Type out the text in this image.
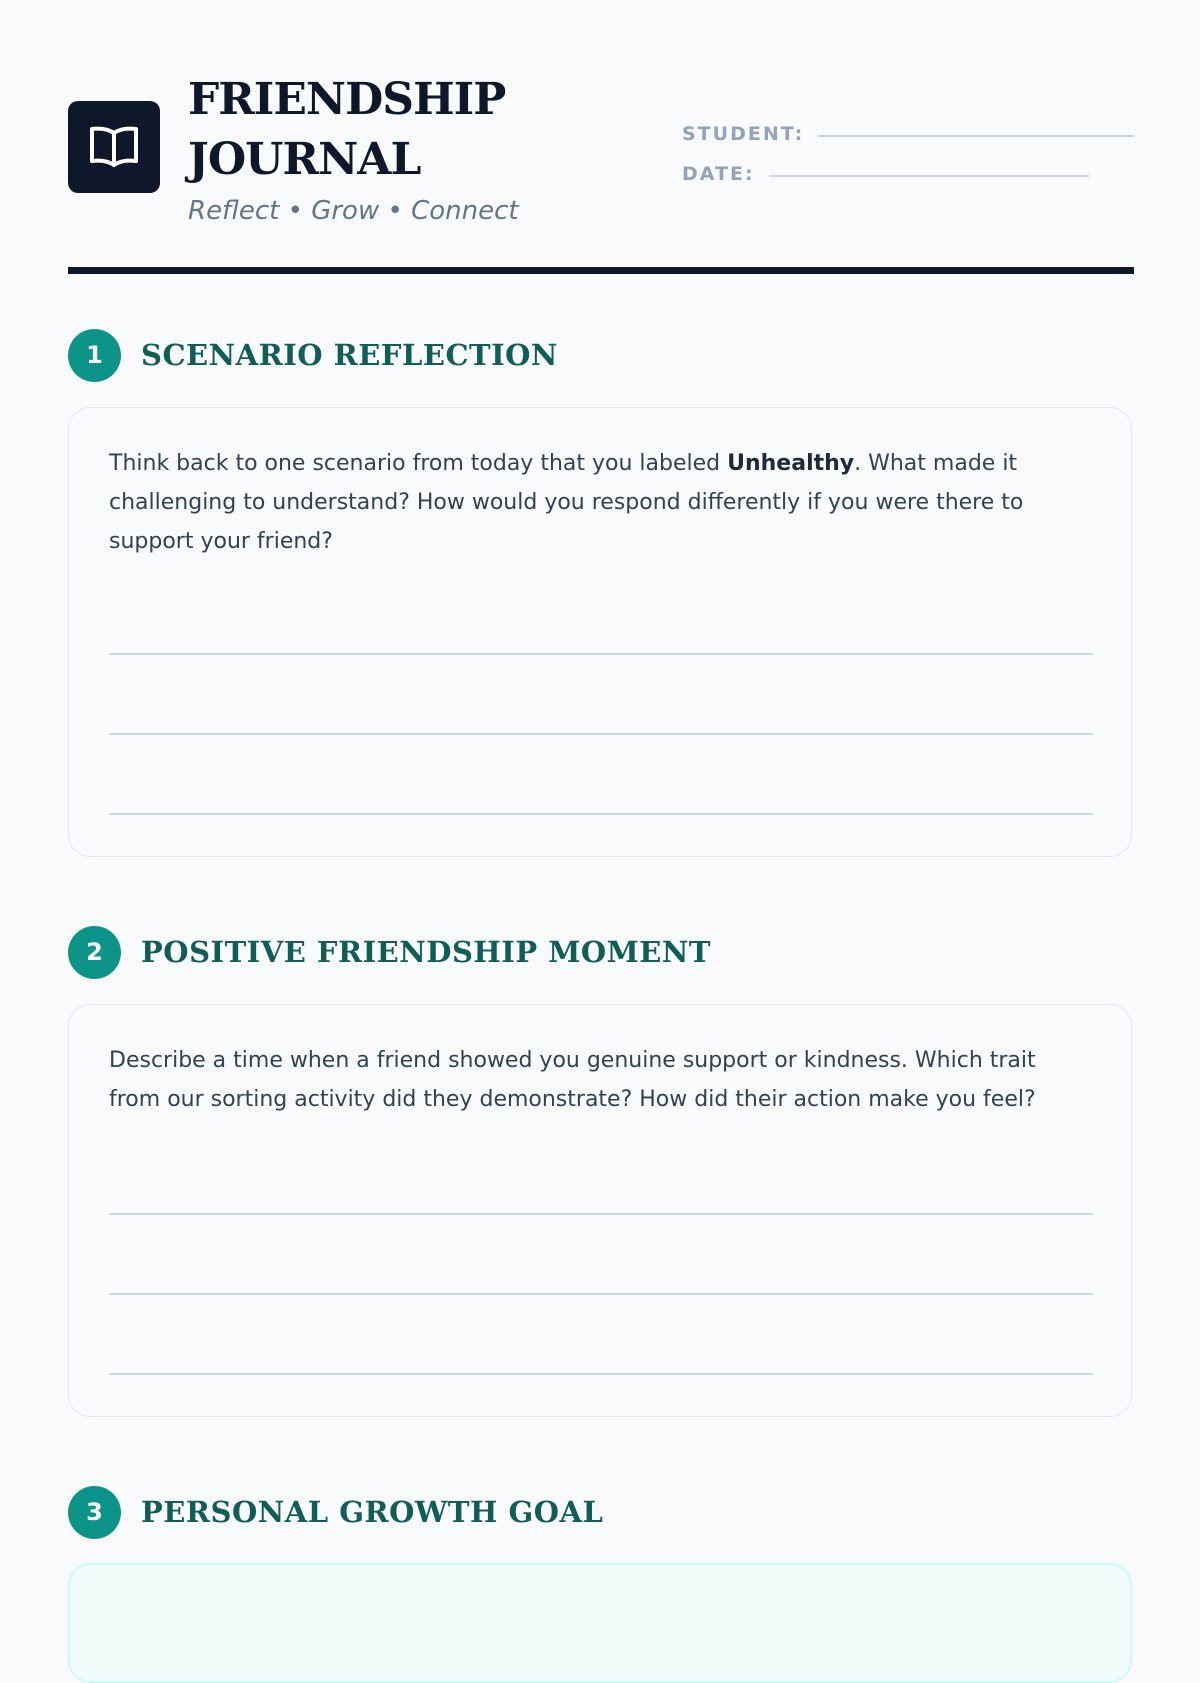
FRIENDSHIP
JOURNAL
Reflect • Grow • Connect
STUDENT:
DATE:
1	SCENARIO REFLECTION

Think back to one scenario from today that you labeled Unhealthy. What made it challenging to understand? How would you respond differently if you were there to support your friend?

2	POSITIVE FRIENDSHIP MOMENT

Describe a time when a friend showed you genuine support or kindness. Which trait from our sorting activity did they demonstrate? How did their action make you feel?

3	PERSONAL GROWTH GOAL
